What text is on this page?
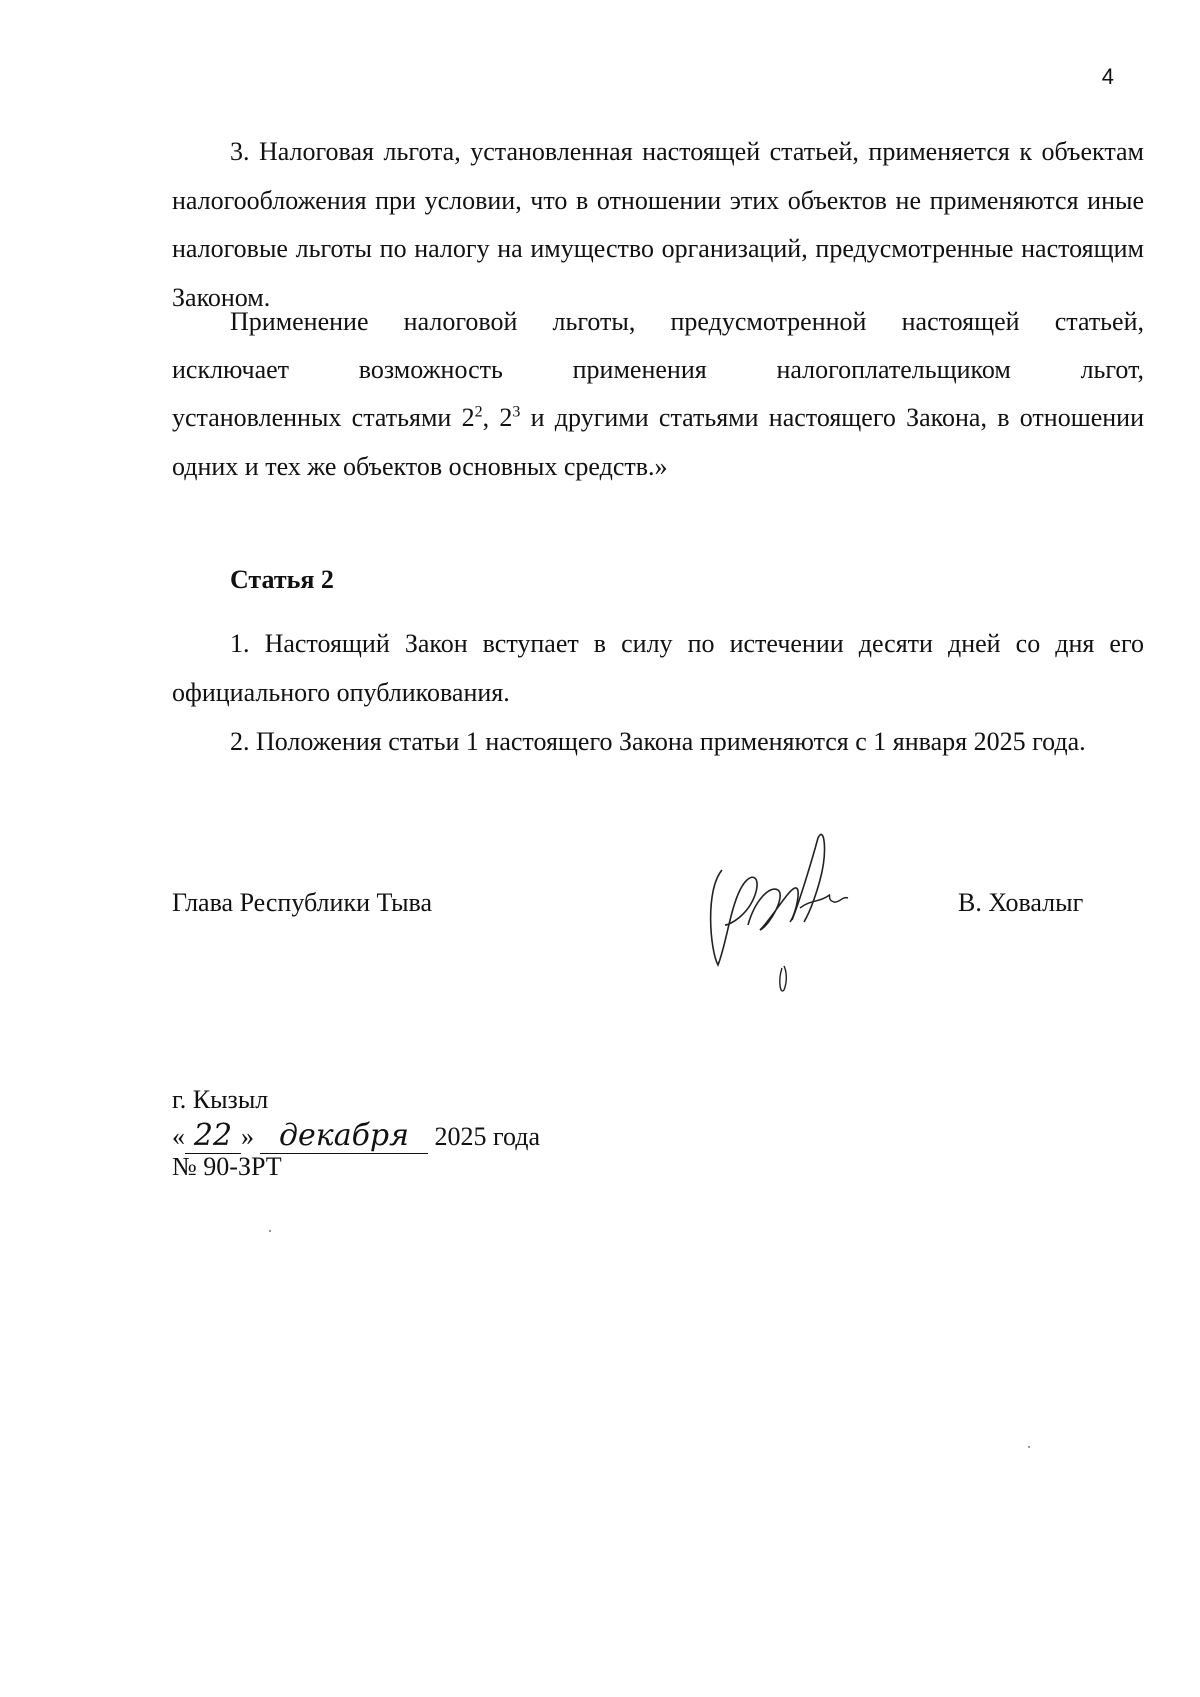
4

3. Налоговая льгота, установленная настоящей статьей, применяется к объектам налогообложения при условии, что в отношении этих объектов не применяются иные налоговые льготы по налогу на имущество организаций, предусмотренные настоящим Законом.

Применение налоговой льготы, предусмотренной настоящей статьей,

исключает возможность применения налогоплательщиком льгот,

установленных статьями $2^2$, $2^3$ и другими статьями настоящего Закона, в отношении одних и тех же объектов основных средств.»

Статья 2

1. Настоящий Закон вступает в силу по истечении десяти дней со дня его официального опубликования.

2. Положения статьи 1 настоящего Закона применяются с 1 января 2025 года.

Глава Республики Тыва	В. Ховалыг
г. Кызыл
« 22 » декабря 2025 года
№ 90-ЗРТ
